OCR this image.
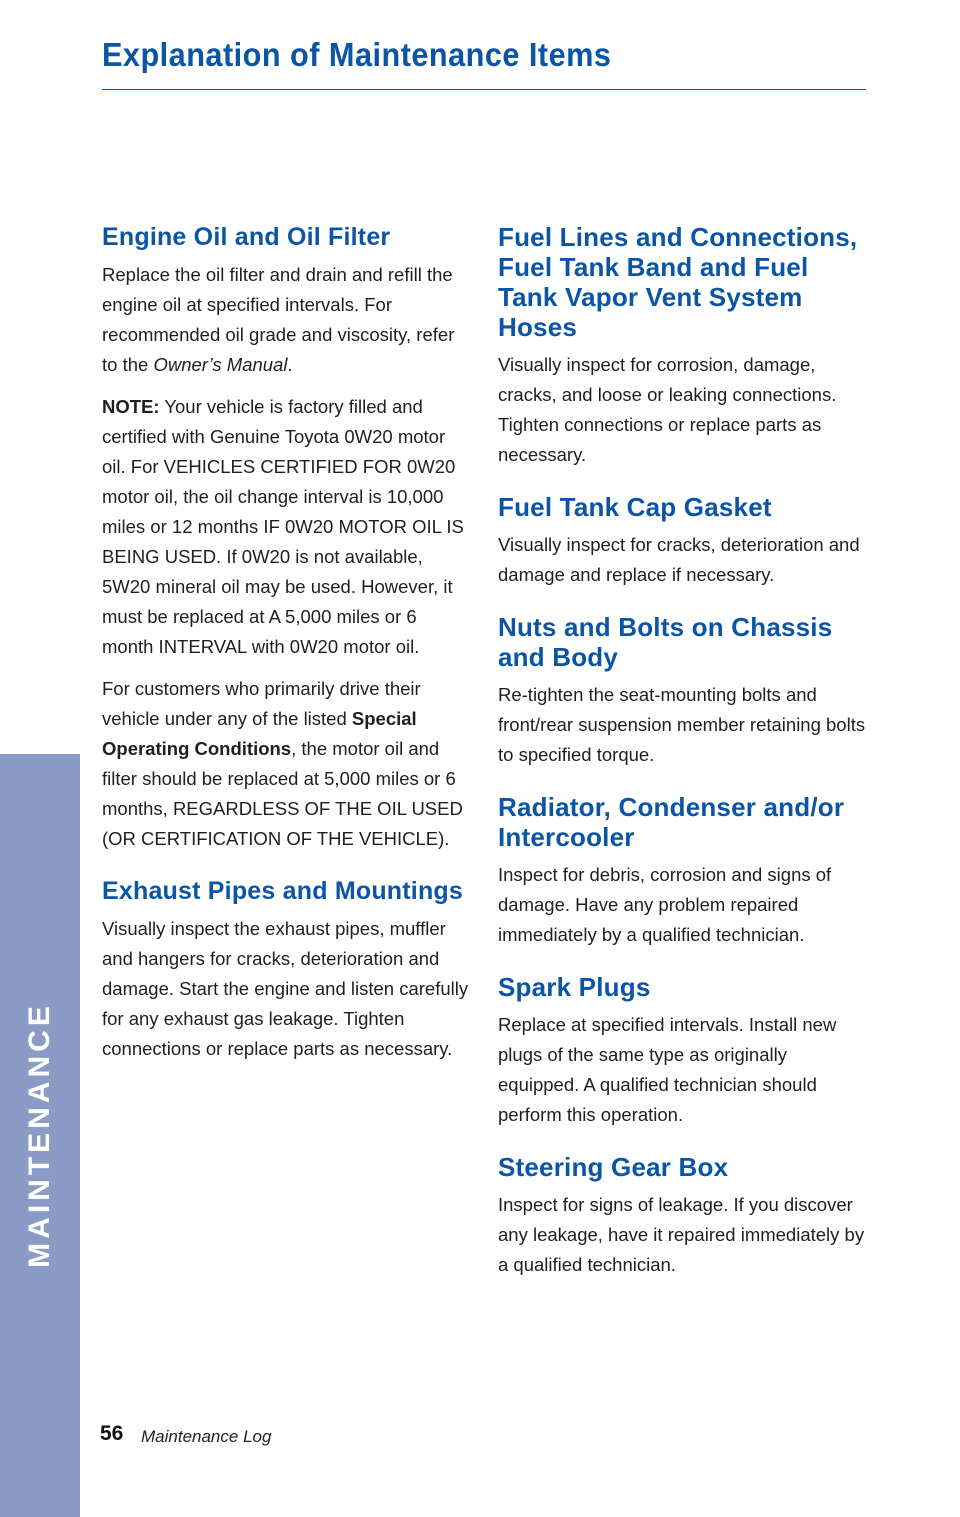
Explanation of Maintenance Items
MAINTENANCE
Engine Oil and Oil Filter

Replace the oil filter and drain and refill the engine oil at specified intervals. For recommended oil grade and viscosity, refer to the Owner’s Manual.

NOTE: Your vehicle is factory filled and certified with Genuine Toyota 0W20 motor oil. For VEHICLES CERTIFIED FOR 0W20 motor oil, the oil change interval is 10,000 miles or 12 months IF 0W20 MOTOR OIL IS BEING USED. If 0W20 is not available, 5W20 mineral oil may be used. However, it must be replaced at A 5,000 miles or 6 month INTERVAL with 0W20 motor oil.

For customers who primarily drive their vehicle under any of the listed Special Operating Conditions, the motor oil and filter should be replaced at 5,000 miles or 6 months, REGARDLESS OF THE OIL USED (OR CERTIFICATION OF THE VEHICLE).

Exhaust Pipes and Mountings

Visually inspect the exhaust pipes, muffler and hangers for cracks, deterioration and damage. Start the engine and listen carefully for any exhaust gas leakage. Tighten connections or replace parts as necessary.

Fuel Lines and Connections, Fuel Tank Band and Fuel Tank Vapor Vent System Hoses

Visually inspect for corrosion, damage, cracks, and loose or leaking connections. Tighten connections or replace parts as necessary.

Fuel Tank Cap Gasket

Visually inspect for cracks, deterioration and damage and replace if necessary.

Nuts and Bolts on Chassis and Body

Re-tighten the seat-mounting bolts and front/rear suspension member retaining bolts to specified torque.

Radiator, Condenser and/or Intercooler

Inspect for debris, corrosion and signs of damage. Have any problem repaired immediately by a qualified technician.

Spark Plugs

Replace at specified intervals. Install new plugs of the same type as originally equipped. A qualified technician should perform this operation.

Steering Gear Box

Inspect for signs of leakage. If you discover any leakage, have it repaired immediately by a qualified technician.

56 Maintenance Log
